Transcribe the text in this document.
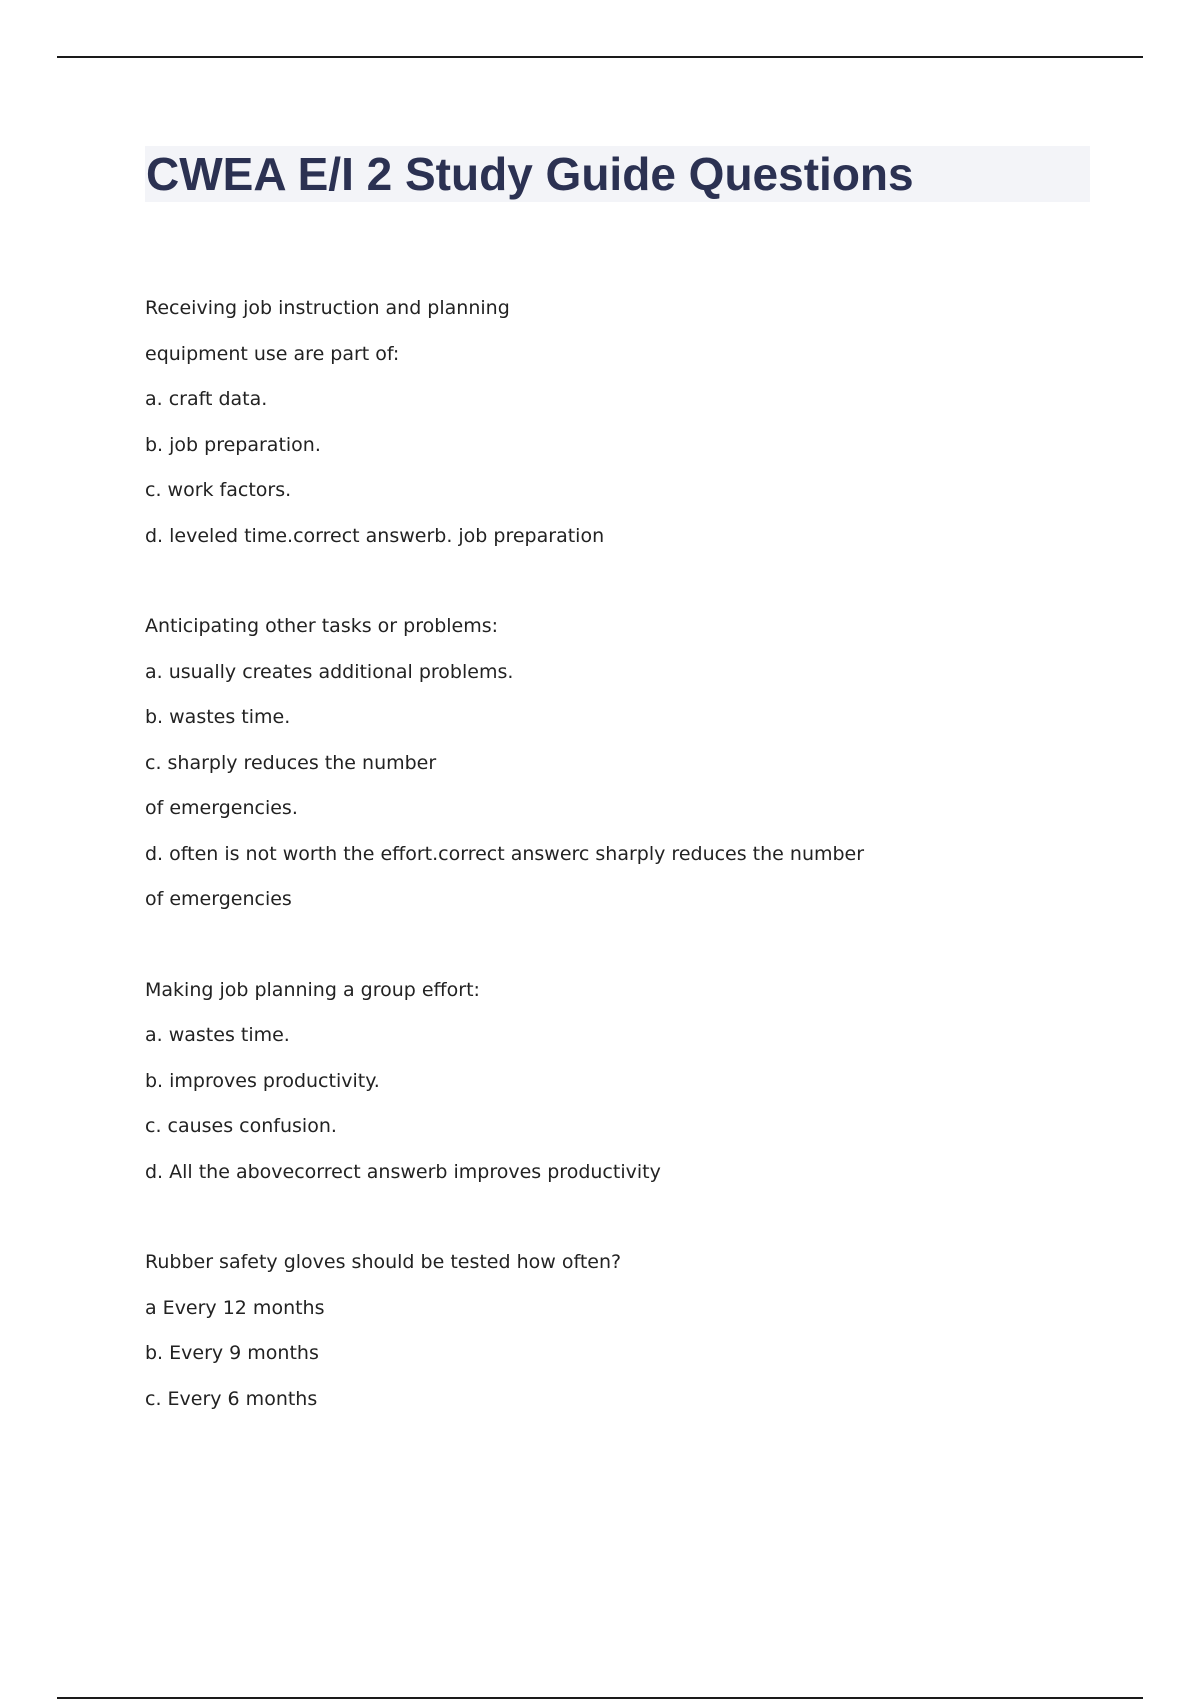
CWEA E/I 2 Study Guide Questions
Receiving job instruction and planning
equipment use are part of:
a. craft data.
b. job preparation.
c. work factors.
d. leveled time.correct answerb. job preparation
Anticipating other tasks or problems:
a. usually creates additional problems.
b. wastes time.
c. sharply reduces the number
of emergencies.
d. often is not worth the effort.correct answerc sharply reduces the number
of emergencies
Making job planning a group effort:
a. wastes time.
b. improves productivity.
c. causes confusion.
d. All the abovecorrect answerb improves productivity
Rubber safety gloves should be tested how often?
a Every 12 months
b. Every 9 months
c. Every 6 months
